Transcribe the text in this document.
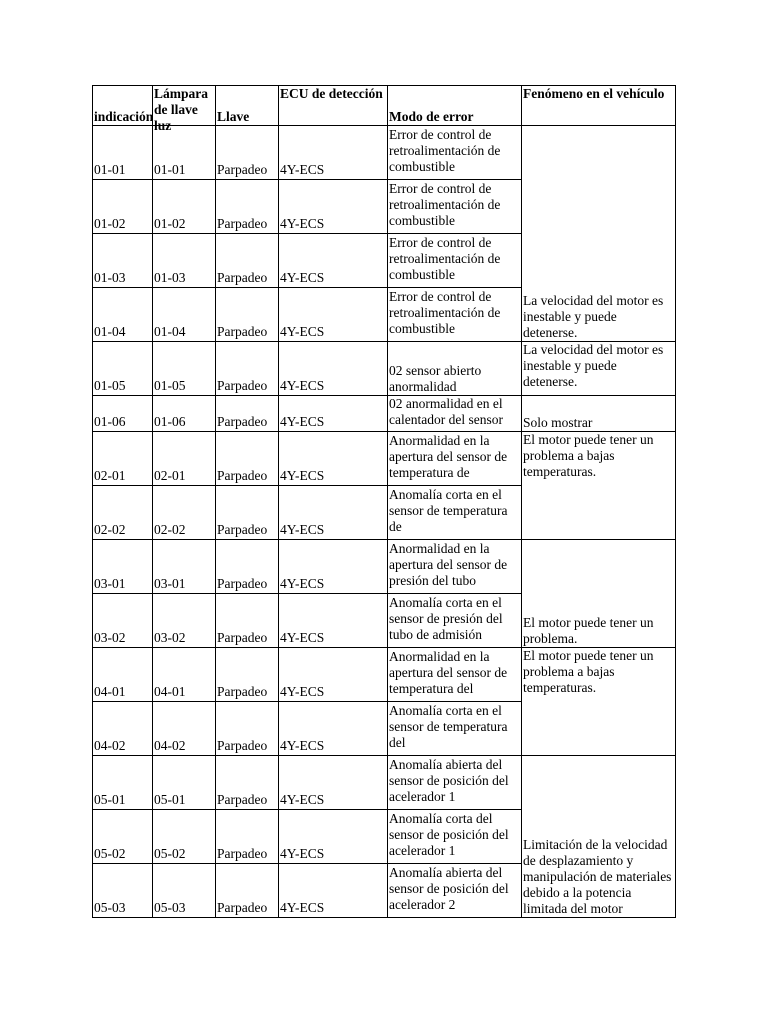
indicación	Lámpara de llave luz	Llave	ECU de detección	Modo de error	Fenómeno en el vehículo
01-01	01-01	Parpadeo	4Y-ECS	Error de control de retroalimentación de combustible	La velocidad del motor es inestable y puede detenerse.
01-02	01-02	Parpadeo	4Y-ECS	Error de control de retroalimentación de combustible	

01-03	01-03	Parpadeo	4Y-ECS	Error de control de retroalimentación de combustible	

01-04	01-04	Parpadeo	4Y-ECS	Error de control de retroalimentación de combustible	

01-05	01-05	Parpadeo	4Y-ECS	02 sensor abierto anormalidad	La velocidad del motor es inestable y puede detenerse.
01-06	01-06	Parpadeo	4Y-ECS	02 anormalidad en el calentador del sensor	Solo mostrar
02-01	02-01	Parpadeo	4Y-ECS	Anormalidad en la apertura del sensor de temperatura de	El motor puede tener un problema a bajas temperaturas.
02-02	02-02	Parpadeo	4Y-ECS	Anomalía corta en el sensor de temperatura de	

03-01	03-01	Parpadeo	4Y-ECS	Anormalidad en la apertura del sensor de presión del tubo	El motor puede tener un problema.
03-02	03-02	Parpadeo	4Y-ECS	Anomalía corta en el sensor de presión del tubo de admisión	

04-01	04-01	Parpadeo	4Y-ECS	Anormalidad en la apertura del sensor de temperatura del	El motor puede tener un problema a bajas temperaturas.
04-02	04-02	Parpadeo	4Y-ECS	Anomalía corta en el sensor de temperatura del	

05-01	05-01	Parpadeo	4Y-ECS	Anomalía abierta del sensor de posición del acelerador 1	Limitación de la velocidad de desplazamiento y manipulación de materiales debido a la potencia limitada del motor
05-02	05-02	Parpadeo	4Y-ECS	Anomalía corta del sensor de posición del acelerador 1	

05-03	05-03	Parpadeo	4Y-ECS	Anomalía abierta del sensor de posición del acelerador 2	
